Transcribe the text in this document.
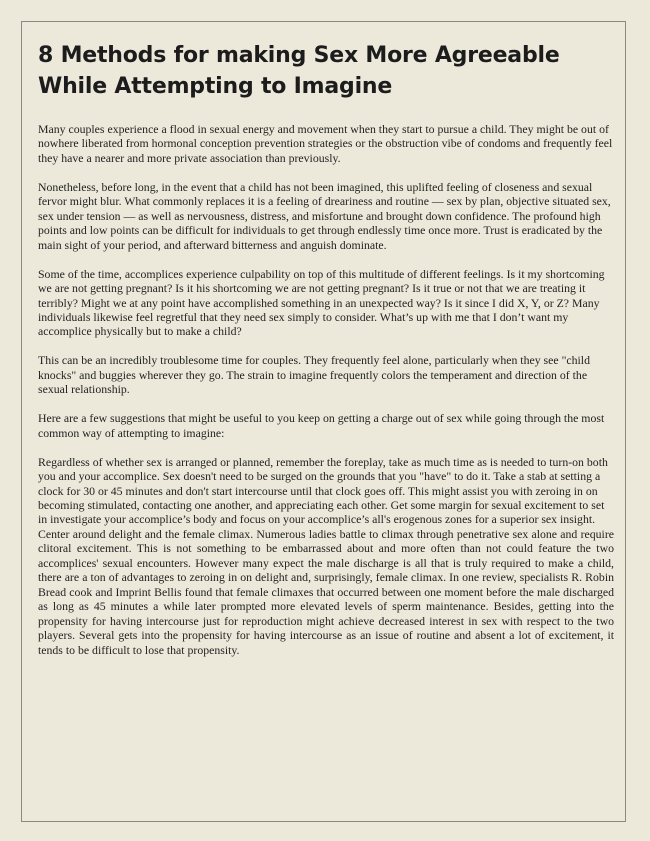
8 Methods for making Sex More Agreeable While Attempting to Imagine

Many couples experience a flood in sexual energy and movement when they start to pursue a child. They might be out of nowhere liberated from hormonal conception prevention strategies or the obstruction vibe of condoms and frequently feel they have a nearer and more private association than previously.

Nonetheless, before long, in the event that a child has not been imagined, this uplifted feeling of closeness and sexual fervor might blur. What commonly replaces it is a feeling of dreariness and routine — sex by plan, objective situated sex, sex under tension — as well as nervousness, distress, and misfortune and brought down confidence. The profound high points and low points can be difficult for individuals to get through endlessly time once more. Trust is eradicated by the main sight of your period, and afterward bitterness and anguish dominate.

Some of the time, accomplices experience culpability on top of this multitude of different feelings. Is it my shortcoming we are not getting pregnant? Is it his shortcoming we are not getting pregnant? Is it true or not that we are treating it terribly? Might we at any point have accomplished something in an unexpected way? Is it since I did X, Y, or Z? Many individuals likewise feel regretful that they need sex simply to consider. What’s up with me that I don’t want my accomplice physically but to make a child?

This can be an incredibly troublesome time for couples. They frequently feel alone, particularly when they see "child knocks" and buggies wherever they go. The strain to imagine frequently colors the temperament and direction of the sexual relationship.

Here are a few suggestions that might be useful to you keep on getting a charge out of sex while going through the most common way of attempting to imagine:

Regardless of whether sex is arranged or planned, remember the foreplay, take as much time as is needed to turn-on both you and your accomplice. Sex doesn't need to be surged on the grounds that you "have" to do it. Take a stab at setting a clock for 30 or 45 minutes and don't start intercourse until that clock goes off. This might assist you with zeroing in on becoming stimulated, contacting one another, and appreciating each other. Get some margin for sexual excitement to set in investigate your accomplice’s body and focus on your accomplice’s all's erogenous zones for a superior sex insight.

Center around delight and the female climax. Numerous ladies battle to climax through penetrative sex alone and require clitoral excitement. This is not something to be embarrassed about and more often than not could feature the two accomplices' sexual encounters. However many expect the male discharge is all that is truly required to make a child, there are a ton of advantages to zeroing in on delight and, surprisingly, female climax. In one review, specialists R. Robin Bread cook and Imprint Bellis found that female climaxes that occurred between one moment before the male discharged as long as 45 minutes a while later prompted more elevated levels of sperm maintenance. Besides, getting into the propensity for having intercourse just for reproduction might achieve decreased interest in sex with respect to the two players. Several gets into the propensity for having intercourse as an issue of routine and absent a lot of excitement, it tends to be difficult to lose that propensity.
